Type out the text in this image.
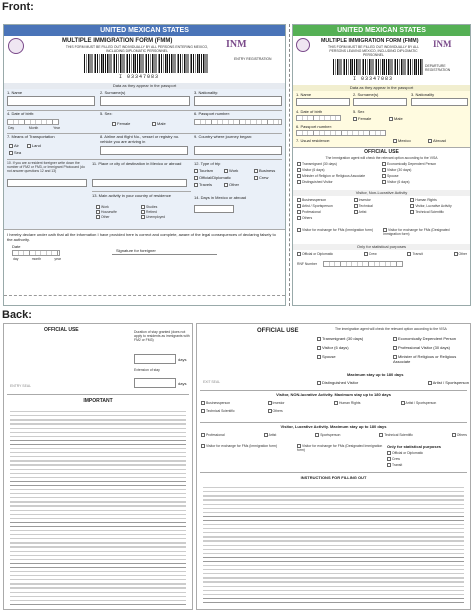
Front:
UNITED MEXICAN STATES
MULTIPLE IMMIGRATION FORM (FMM)
THIS FORM MUST BE FILLED OUT INDIVIDUALLY BY ALL PERSONS ENTERING MEXICO, INCLUDING DIPLOMATIC PERSONNEL
INM
ENTRY REGISTRATION
I 03347083
Data as they appear in the passport
1. Name	2. Surname(s)	3. Nationality:
4. Date of birth:
Day	Month	Year
5. Sex:
Female	Male
6. Passport number:
7. Means of Transportation
Air	Land
Sea
8. Airline and flight No., vessel or registry no. vehicle you are arriving in
9. Country where journey began:
10. If you are a resident foreigner write down the number of FM2 or FM3, or Immigrant Photocard (do not answer questions 12 and 13)
11. Place or city of destination in Mexico or abroad	12. Type of trip
Tourism	Work	Business
Official/Diplomatic	Crew
Travels	Other
13. Main activity in your country of residence
Work	Studies
Housewife	Retired
Other	Unemployed
14. Days in Mexico or abroad
I hereby declare under oath that all the information I have provided here is correct and complete, aware of the legal consequences of declaring falsely to the authority.
Signature for foreigner
Date
day	month	year
UNITED MEXICAN STATES
MULTIPLE IMMIGRATION FORM (FMM)
THIS FORM MUST BE FILLED OUT INDIVIDUALLY BY ALL PERSONS LEAVING MEXICO, INCLUDING DIPLOMATIC PERSONNEL
INM
DEPARTURE REGISTRATION
I 03347083
Data as they appear in the passport
1. Name	2. Surname(s)	3. Nationality
4. Date of birth	5. Sex
Female	Male
6. Passport number:
7. Usual residence:	Mexico	Abroad
OFFICIAL USE
The Immigration agent will check the relevant option according to the VISA
Transmigrant (30 days)	Economically Dependent Person
Visitor (6 days)	Visitor (30 days)
Minister of Religion or Religious Associate	Spouse
Distinguished Visitor	Visitor (6 days)
Visitor, Non-Lucrative Activity
Businessperson	Investor	Human Rights
Artist / Sportsperson	Technical	Visitor, Lucrative Activity
Professional	Artist	Technical Scientific
Others
Visitor for exchange for FMs (Immigration form)	Visitor for exchange for FMs (Designated Immigration form)
Only for statistical purposes
Official or Diplomatic	Crew	Transit	Other
RNF Number
Back:
OFFICIAL USE	Duration of stay granted (does not apply to residents as immigrants with FM2 or FM3)
days
Extension of stay
days
ENTRY SEAL
IMPORTANT
OFFICIAL USE	The immigration agent will check the relevant option according to the VISA
Transmigrant (30 days)	Economically Dependent Person
Visitor (6 days)	Professional Visitor (30 days)
Spouse	Minister of Religious or Religious Associate
Maximum stay up to 180 days
Distinguished Visitor	Artist / Sportsperson
EXIT SEAL
Visitor, NON-lucrative Activity. Maximum stay up to 180 days
Businessperson	Investor	Human Rights	Artist / Sportsperson
Technical Scientific	Others
Visitor, Lucrative Activity. Maximum stay up to 180 days
Professional	Artist	Sportsperson	Technical Scientific	Others
Visitor for exchange for FMs (Immigration form)	Visitor for exchange for FMs (Designated Immigration form)
Only for statistical purposes
Official or Diplomatic
Crew
Transit
INSTRUCTIONS FOR FILLING OUT
